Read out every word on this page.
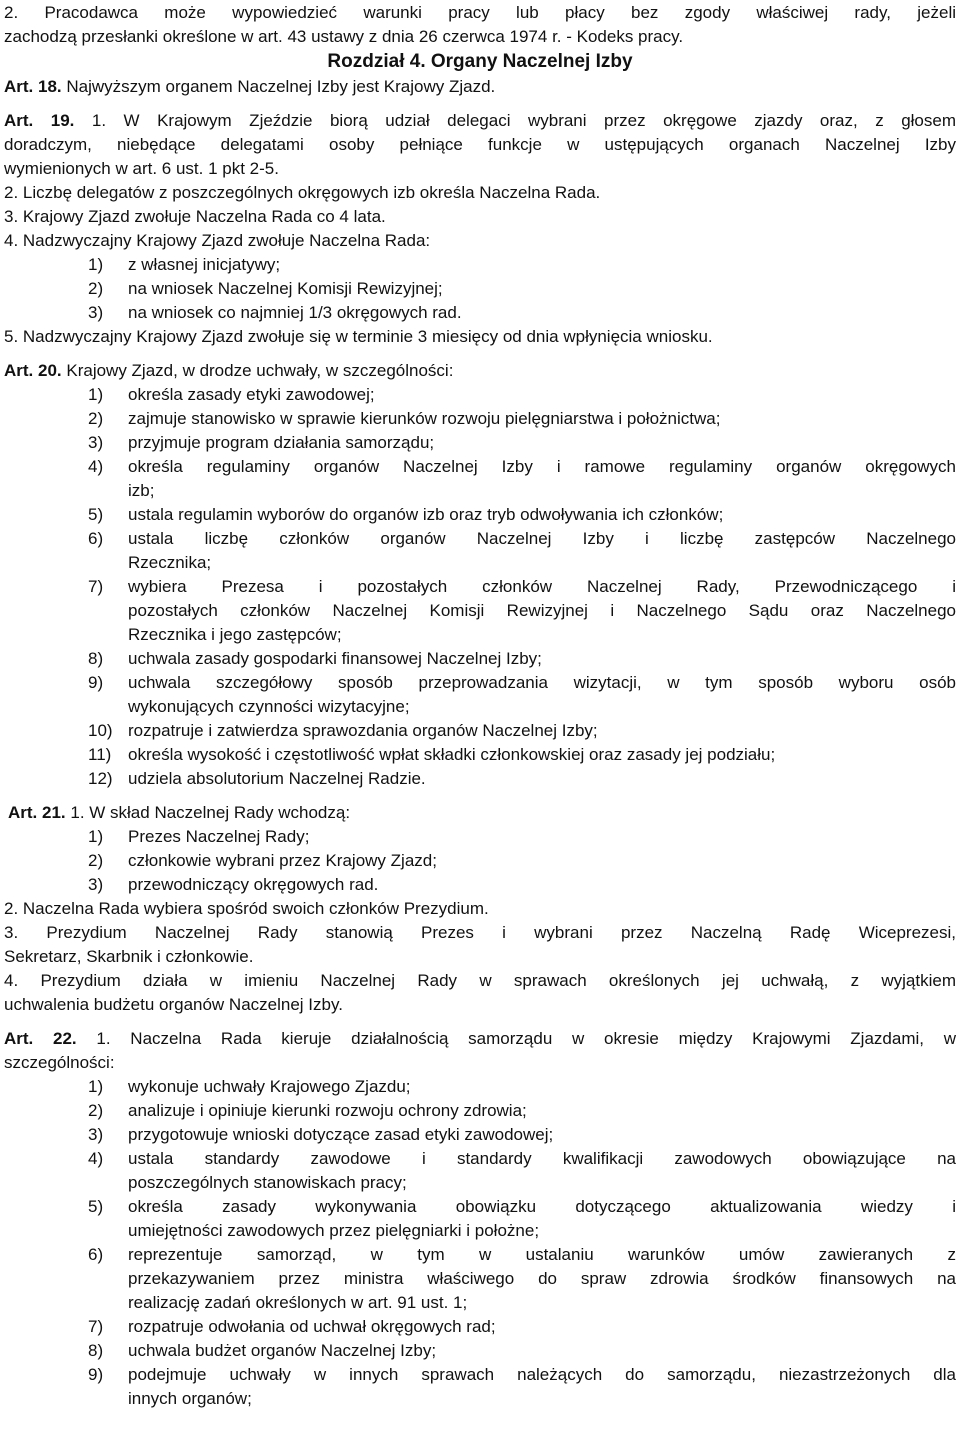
2. Pracodawca może wypowiedzieć warunki pracy lub płacy bez zgody właściwej rady, jeżeli

zachodzą przesłanki określone w art. 43 ustawy z dnia 26 czerwca 1974 r. - Kodeks pracy.

Rozdział 4. Organy Naczelnej Izby

Art. 18. Najwyższym organem Naczelnej Izby jest Krajowy Zjazd.

Art. 19. 1. W Krajowym Zjeździe biorą udział delegaci wybrani przez okręgowe zjazdy oraz, z głosem

doradczym, niebędące delegatami osoby pełniące funkcje w ustępujących organach Naczelnej Izby

wymienionych w art. 6 ust. 1 pkt 2-5.

2. Liczbę delegatów z poszczególnych okręgowych izb określa Naczelna Rada.

3. Krajowy Zjazd zwołuje Naczelna Rada co 4 lata.

4. Nadzwyczajny Krajowy Zjazd zwołuje Naczelna Rada:

1)	z własnej inicjatywy;
2)	na wniosek Naczelnej Komisji Rewizyjnej;
3)	na wniosek co najmniej 1/3 okręgowych rad.

5. Nadzwyczajny Krajowy Zjazd zwołuje się w terminie 3 miesięcy od dnia wpłynięcia wniosku.

Art. 20. Krajowy Zjazd, w drodze uchwały, w szczególności:

1)	określa zasady etyki zawodowej;
2)	zajmuje stanowisko w sprawie kierunków rozwoju pielęgniarstwa i położnictwa;
3)	przyjmuje program działania samorządu;
4)	określa regulaminy organów Naczelnej Izby i ramowe regulaminy organów okręgowych
izb;
5)	ustala regulamin wyborów do organów izb oraz tryb odwoływania ich członków;
6)	ustala liczbę członków organów Naczelnej Izby i liczbę zastępców Naczelnego
Rzecznika;
7)	wybiera Prezesa i pozostałych członków Naczelnej Rady, Przewodniczącego i
pozostałych członków Naczelnej Komisji Rewizyjnej i Naczelnego Sądu oraz Naczelnego
Rzecznika i jego zastępców;
8)	uchwala zasady gospodarki finansowej Naczelnej Izby;
9)	uchwala szczegółowy sposób przeprowadzania wizytacji, w tym sposób wyboru osób
wykonujących czynności wizytacyjne;
10) rozpatruje i zatwierdza sprawozdania organów Naczelnej Izby;
11) określa wysokość i częstotliwość wpłat składki członkowskiej oraz zasady jej podziału;
12) udziela absolutorium Naczelnej Radzie.

Art. 21. 1. W skład Naczelnej Rady wchodzą:

1)	Prezes Naczelnej Rady;
2)	członkowie wybrani przez Krajowy Zjazd;
3)	przewodniczący okręgowych rad.

2. Naczelna Rada wybiera spośród swoich członków Prezydium.

3. Prezydium Naczelnej Rady stanowią Prezes i wybrani przez Naczelną Radę Wiceprezesi,

Sekretarz, Skarbnik i członkowie.

4. Prezydium działa w imieniu Naczelnej Rady w sprawach określonych jej uchwałą, z wyjątkiem

uchwalenia budżetu organów Naczelnej Izby.

Art. 22. 1. Naczelna Rada kieruje działalnością samorządu w okresie między Krajowymi Zjazdami, w

szczególności:

1)	wykonuje uchwały Krajowego Zjazdu;
2)	analizuje i opiniuje kierunki rozwoju ochrony zdrowia;
3)	przygotowuje wnioski dotyczące zasad etyki zawodowej;
4)	ustala standardy zawodowe i standardy kwalifikacji zawodowych obowiązujące na
poszczególnych stanowiskach pracy;
5)	określa zasady wykonywania obowiązku dotyczącego aktualizowania wiedzy i
umiejętności zawodowych przez pielęgniarki i położne;
6)	reprezentuje samorząd, w tym w ustalaniu warunków umów zawieranych z
przekazywaniem przez ministra właściwego do spraw zdrowia środków finansowych na
realizację zadań określonych w art. 91 ust. 1;
7)	rozpatruje odwołania od uchwał okręgowych rad;
8)	uchwala budżet organów Naczelnej Izby;
9)	podejmuje uchwały w innych sprawach należących do samorządu, niezastrzeżonych dla
innych organów;
